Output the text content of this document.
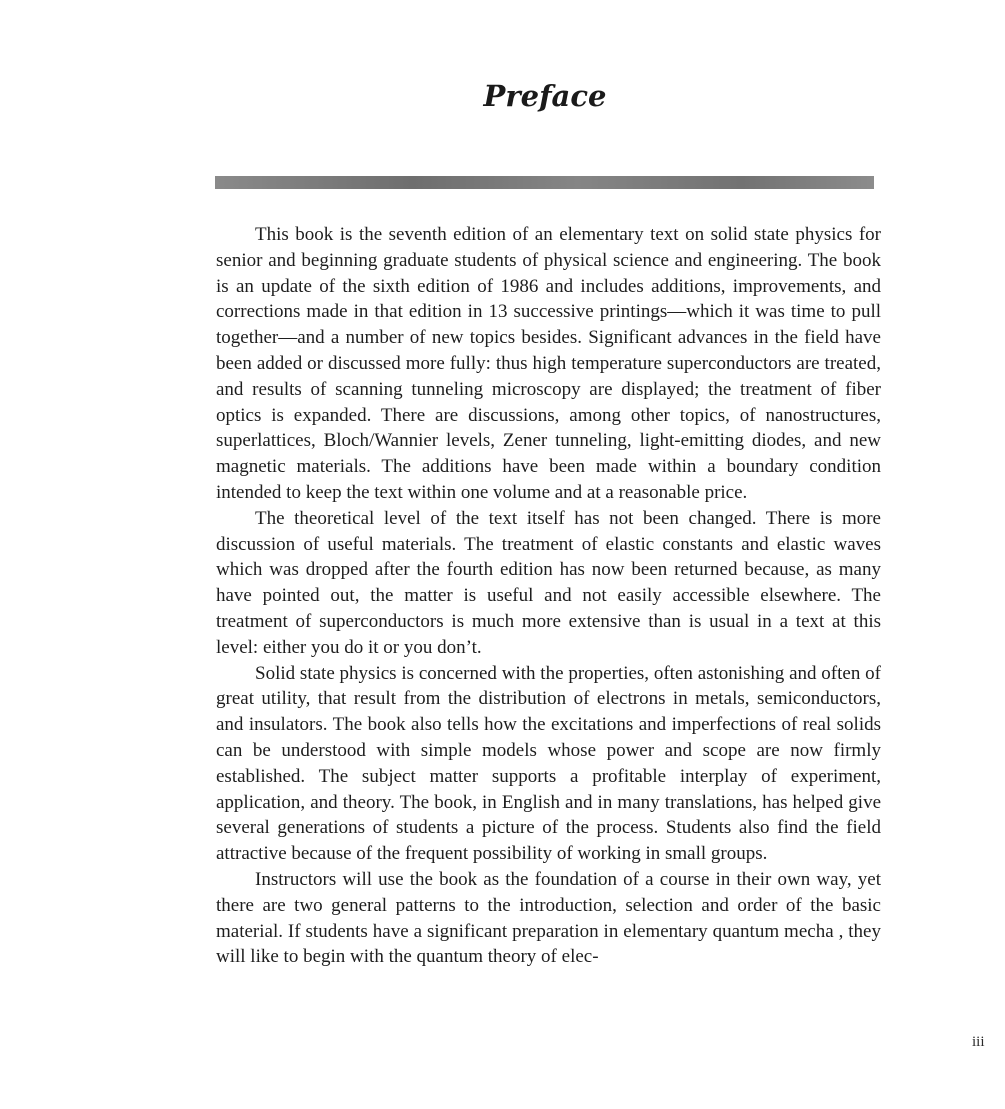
Preface

This book is the seventh edition of an elementary text on solid state physics for senior and beginning graduate students of physical science and engineering. The book is an update of the sixth edition of 1986 and includes additions, improvements, and corrections made in that edition in 13 successive printings—which it was time to pull together—and a number of new topics besides. Significant advances in the field have been added or discussed more fully: thus high temperature superconductors are treated, and results of scanning tunneling microscopy are displayed; the treatment of fiber optics is expanded. There are discussions, among other topics, of nanostructures, superlattices, Bloch/Wannier levels, Zener tunneling, light-emitting diodes, and new magnetic materials. The additions have been made within a boundary condition intended to keep the text within one volume and at a reasonable price.

The theoretical level of the text itself has not been changed. There is more discussion of useful materials. The treatment of elastic constants and elastic waves which was dropped after the fourth edition has now been returned because, as many have pointed out, the matter is useful and not easily accessible elsewhere. The treatment of superconductors is much more extensive than is usual in a text at this level: either you do it or you don’t.

Solid state physics is concerned with the properties, often astonishing and often of great utility, that result from the distribution of electrons in metals, semiconductors, and insulators. The book also tells how the excitations and imperfections of real solids can be understood with simple models whose power and scope are now firmly established. The subject matter supports a profitable interplay of experiment, application, and theory. The book, in English and in many translations, has helped give several generations of students a picture of the process. Students also find the field attractive because of the frequent possibility of working in small groups.

Instructors will use the book as the foundation of a course in their own way, yet there are two general patterns to the introduction, selection and order of the basic material. If students have a significant preparation in elementary quantum mecha , they will like to begin with the quantum theory of elec-

iii
